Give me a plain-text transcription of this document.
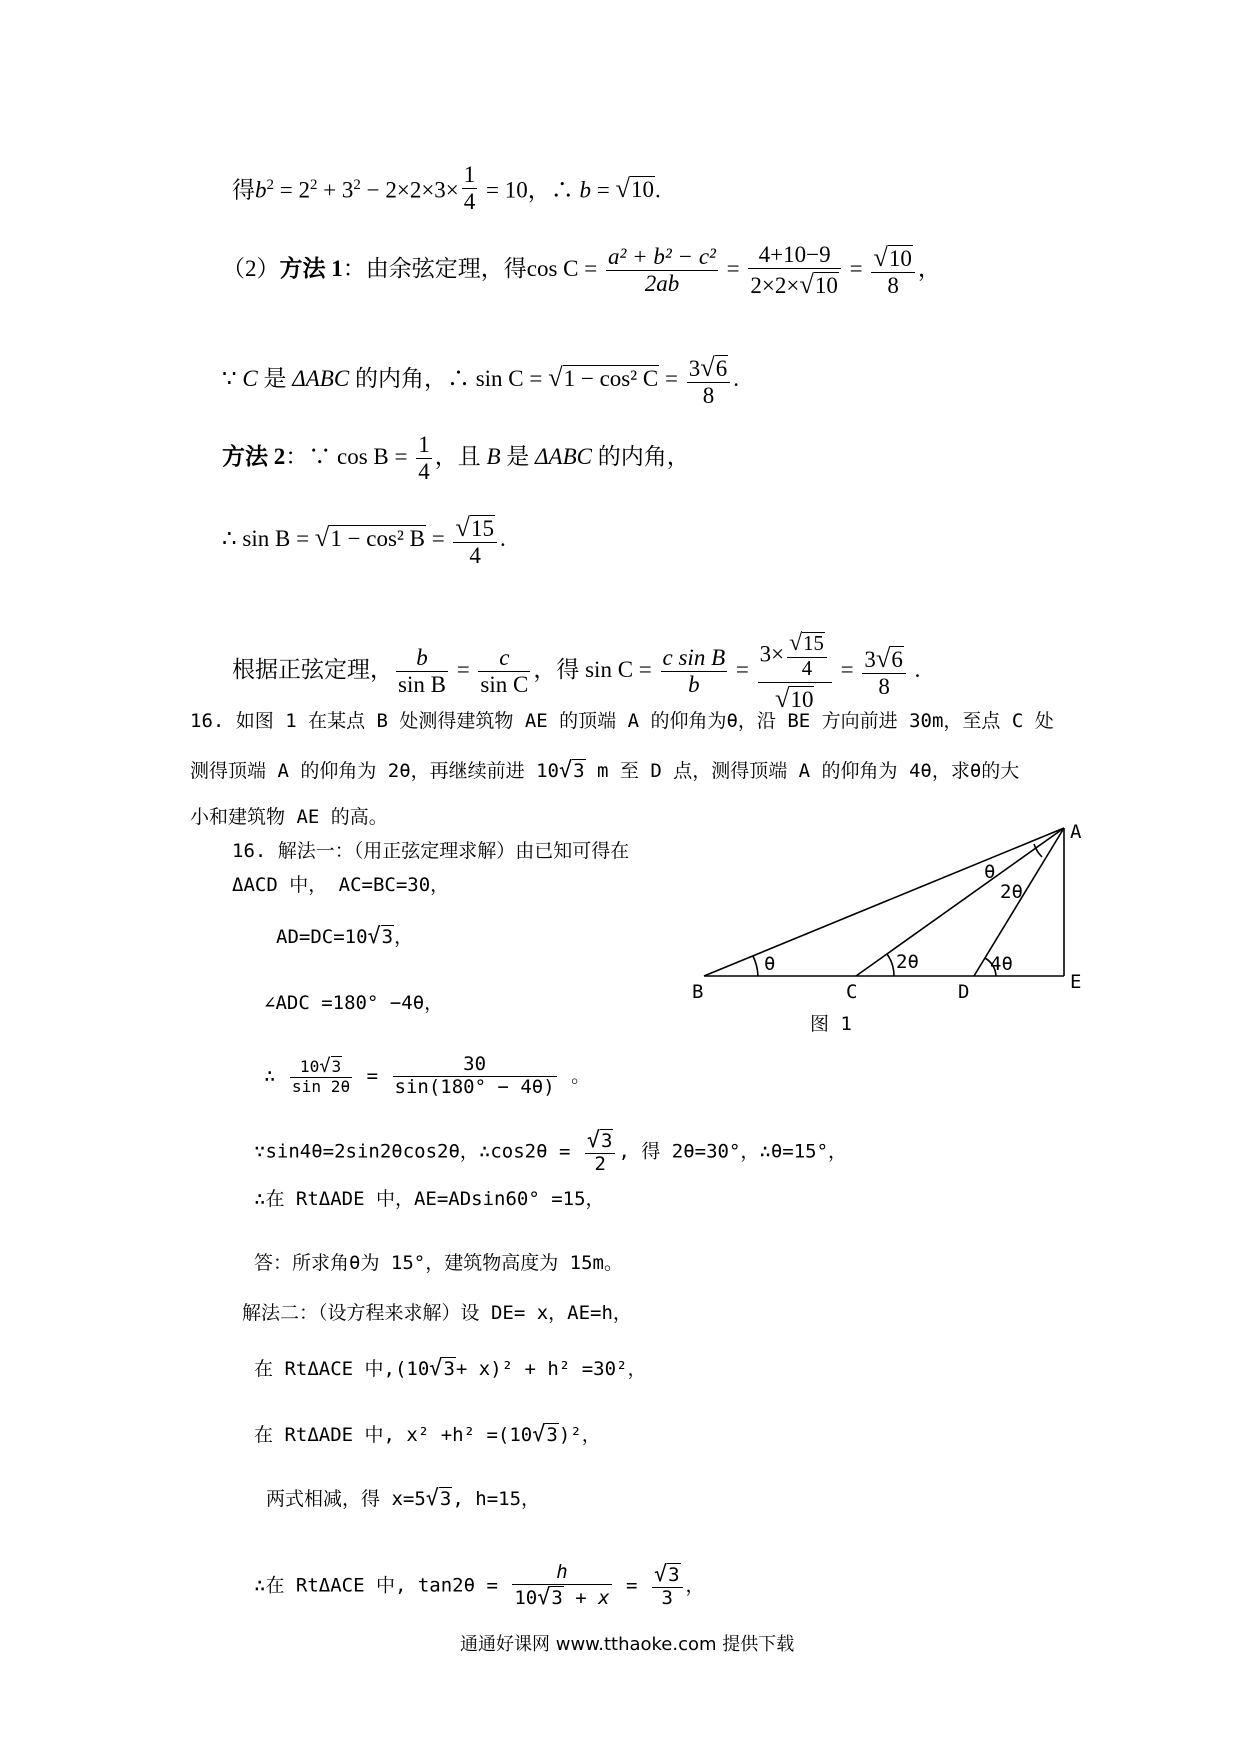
得$b^2 = 2^2 + 3^2 - 2\times 2\times 3\times \frac{1}{4} = 10$，∴ b = √10.
（2）方法 1：由余弦定理，得$\cos C = \frac{\text{a² + b² − c²}}{2ab} = \frac{4+10-9}{2\times 2\times√10} = \frac{√10}{8}$ ，
∵ C 是 ΔABC 的内角，∴ sin C = √1 − cos² $C = \frac{3√6}{8}$ .
方法 2：∵ $\cos B = \frac{1}{4}$ ，且 B 是 ΔABC 的内角，
∴ sin B = √1 − cos² $B = \frac{√15}{4}$ .
根据正弦定理， $\frac{b}{\text{sin B}} = \frac{c}{\text{sin C}}$ ，得 $\sin C = \frac{\text{c sin B}}{b} = \frac{3\times \frac{√15}{4}}{√10} = \frac{3√6}{8}$ .
16. 如图 1 在某点 B 处测得建筑物 AE 的顶端 A 的仰角为θ，沿 BE 方向前进 30m，至点 C 处
测得顶端 A 的仰角为 2θ，再继续前进 10√3 m 至 D 点，测得顶端 A 的仰角为 4θ，求θ的大
小和建筑物 AE 的高。
16. 解法一：（用正弦定理求解）由已知可得在
ΔACD 中， AC=BC=30，
AD=DC=10√3，
∠ADC =180° −4θ，
∴ $\frac{10√3}{\sin 2\theta} = \frac{30}{\sin(180^\circ - 4\theta)}$ 。
∵sin4θ=2sin2θcos2θ，∴cos2θ = $\frac{√3}{2}$ , 得 2θ=30°，∴θ=15°，
∴在 RtΔADE 中，AE=ADsin60° =15，
答：所求角θ为 15°，建筑物高度为 15m。
解法二：（设方程来求解）设 DE= x，AE=h，
在 RtΔACE 中,(10√3+ x)² + h² =30²，
在 RtΔADE 中, x² +h² =(10√3)²，
两式相减，得 x=5√3, h=15，
∴在 RtΔACE 中, $\tan 2\theta = \frac{h}{10√3 + x} = \frac{√3}{3}$ ，
A
B	C	D	E
θ	2θ	4θ
θ
2θ
图 1
通通好课网 www.tthaoke.com 提供下载
